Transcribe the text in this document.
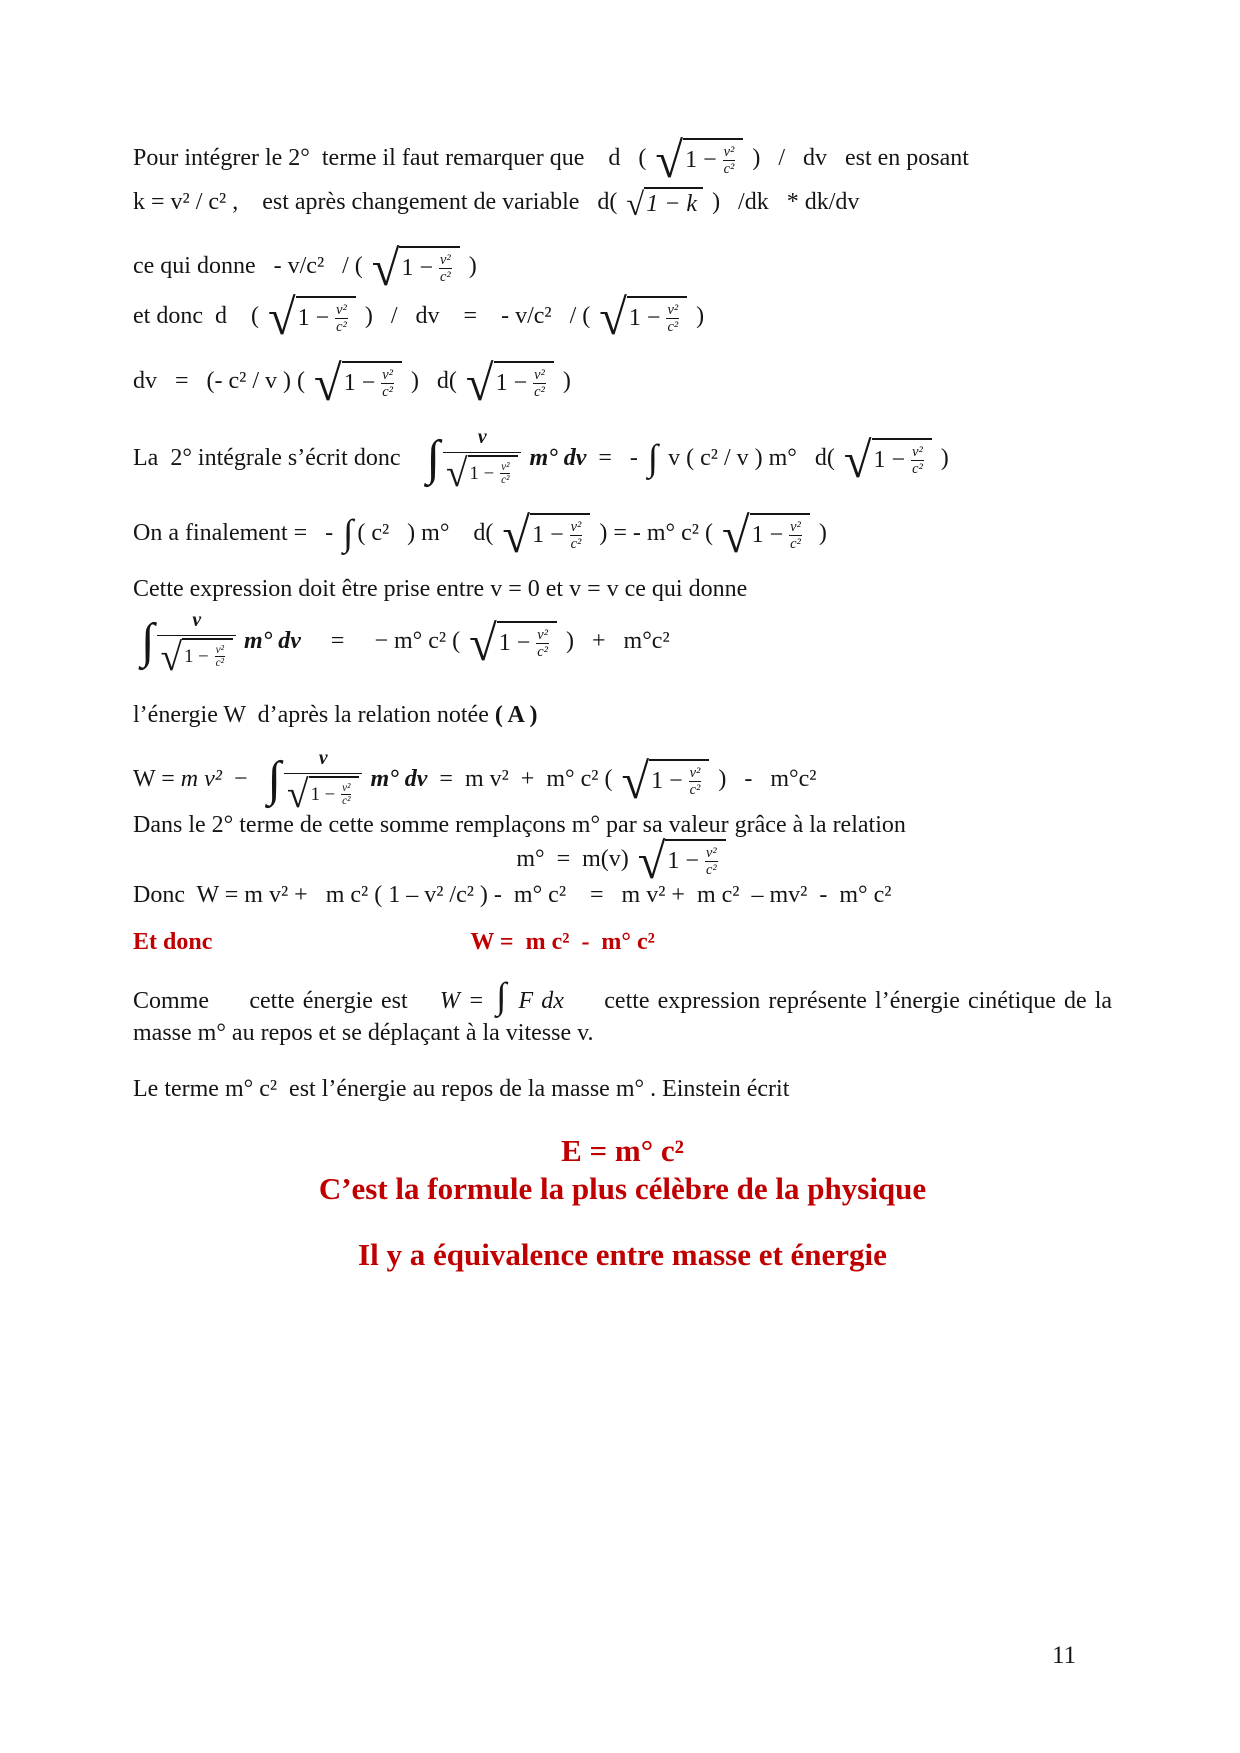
Pour intégrer le 2°  terme il faut remarquer que    d   ( √ $1 - \frac{\text{v²}}{\text{c²}}$ )   /   dv   est en posant
k = v² / c² ,    est après changement de variable   d( √ 1 − k )   /dk   * dk/dv
ce qui donne   - v/c²   / ( √ $1 - \frac{\text{v²}}{\text{c²}}$ )
et donc  d    ( √ $1 - \frac{\text{v²}}{\text{c²}}$ )   /   dv    =    - v/c²   / ( √ $1 - \frac{\text{v²}}{\text{c²}}$ )
dv   =   (- c² / v ) ( √ $1 - \frac{\text{v²}}{\text{c²}}$ )   d( √ $1 - \frac{\text{v²}}{\text{c²}}$ )
La  2° intégrale s’écrit donc ∫ $\frac{v}{√ 1 - \frac{\text{v²}}{\text{c²}}} m^\circ$ dv =   - ∫ v ( c² / v ) m°   d( √ $1 - \frac{\text{v²}}{\text{c²}}$ )
On a finalement =   - ∫ ( c²   ) m°    d( √ $1 - \frac{\text{v²}}{\text{c²}}$ ) = - m° c² ( √ $1 - \frac{\text{v²}}{\text{c²}}$ )
Cette expression doit être prise entre v = 0 et v = v ce qui donne
∫ $\frac{v}{√ 1 - \frac{\text{v²}}{\text{c²}}} m^\circ$ dv =     − m° c² ( √ $1 - \frac{\text{v²}}{\text{c²}}$ )   +   m°c²
l’énergie W  d’après la relation notée ( A )
W = m v² − ∫ $\frac{v}{√ 1 - \frac{\text{v²}}{\text{c²}}} m^\circ$ dv =  m v²  +  m° c² ( √ $1 - \frac{\text{v²}}{\text{c²}}$ )   -   m°c²
Dans le 2° terme de cette somme remplaçons m° par sa valeur grâce à la relation
m°  =  m(v) √ $1 - \frac{\text{v²}}{\text{c²}}$
Donc  W = m v² +   m c² ( 1 – v² /c² ) -  m° c²    =   m v² +  m c²  – mv²  -  m° c²
Et donc	W =  m c²  -  m° c²
Comme     cette énergie est    W = ∫ F dx     cette expression représente l’énergie cinétique de la masse m° au repos et se déplaçant à la vitesse v.
Le terme m° c²  est l’énergie au repos de la masse m° . Einstein écrit
E = m° c²
C’est la formule la plus célèbre de la physique
Il y a équivalence entre masse et énergie
11
